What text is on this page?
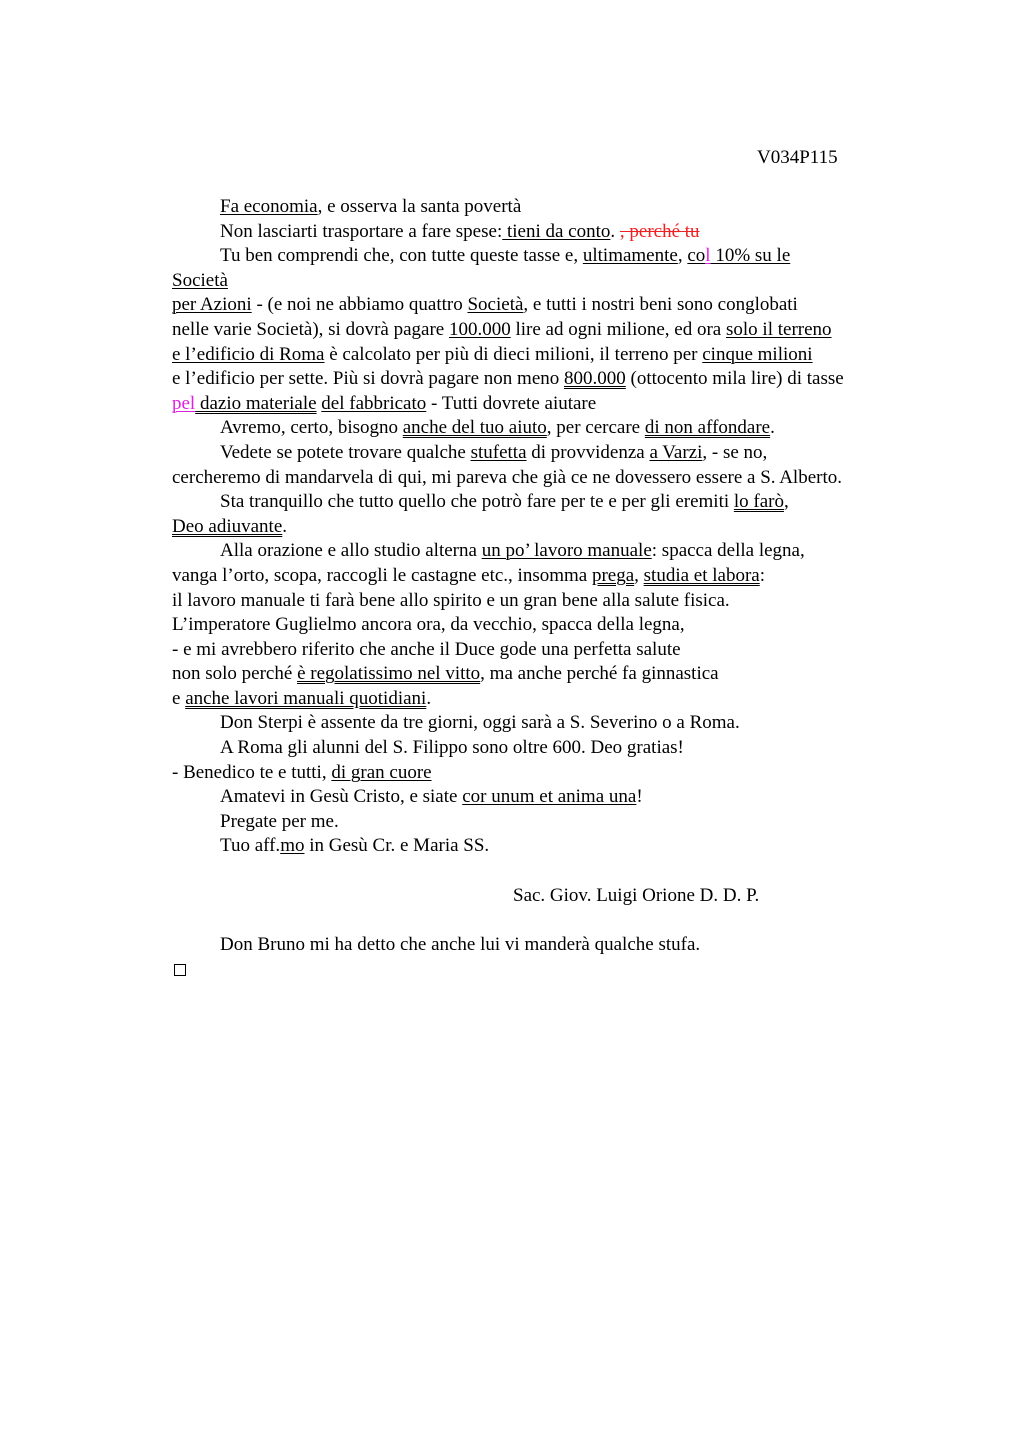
V034P115
Fa economia, e osserva la santa povertà
Non lasciarti trasportare a fare spese: tieni da conto. , perché tu
Tu ben comprendi che, con tutte queste tasse e, ultimamente, col 10% su le
Società
per Azioni - (e noi ne abbiamo quattro Società, e tutti i nostri beni sono conglobati
nelle varie Società), si dovrà pagare 100.000 lire ad ogni milione, ed ora solo il terreno
e l’edificio di Roma è calcolato per più di dieci milioni, il terreno per cinque milioni
e l’edificio per sette. Più si dovrà pagare non meno 800.000 (ottocento mila lire) di tasse
pel dazio materiale del fabbricato - Tutti dovrete aiutare
Avremo, certo, bisogno anche del tuo aiuto, per cercare di non affondare.
Vedete se potete trovare qualche stufetta di provvidenza a Varzi, - se no,
cercheremo di mandarvela di qui, mi pareva che già ce ne dovessero essere a S. Alberto.
Sta tranquillo che tutto quello che potrò fare per te e per gli eremiti lo farò,
Deo adiuvante.
Alla orazione e allo studio alterna un po’ lavoro manuale: spacca della legna,
vanga l’orto, scopa, raccogli le castagne etc., insomma prega, studia et labora:
il lavoro manuale ti farà bene allo spirito e un gran bene alla salute fisica.
L’imperatore Guglielmo ancora ora, da vecchio, spacca della legna,
- e mi avrebbero riferito che anche il Duce gode una perfetta salute
non solo perché è regolatissimo nel vitto, ma anche perché fa ginnastica
e anche lavori manuali quotidiani.
Don Sterpi è assente da tre giorni, oggi sarà a S. Severino o a Roma.
A Roma gli alunni del S. Filippo sono oltre 600. Deo gratias!
- Benedico te e tutti, di gran cuore
Amatevi in Gesù Cristo, e siate cor unum et anima una!
Pregate per me.
Tuo aff.mo in Gesù Cr. e Maria SS.
Sac. Giov. Luigi Orione D. D. P.
Don Bruno mi ha detto che anche lui vi manderà qualche stufa.
